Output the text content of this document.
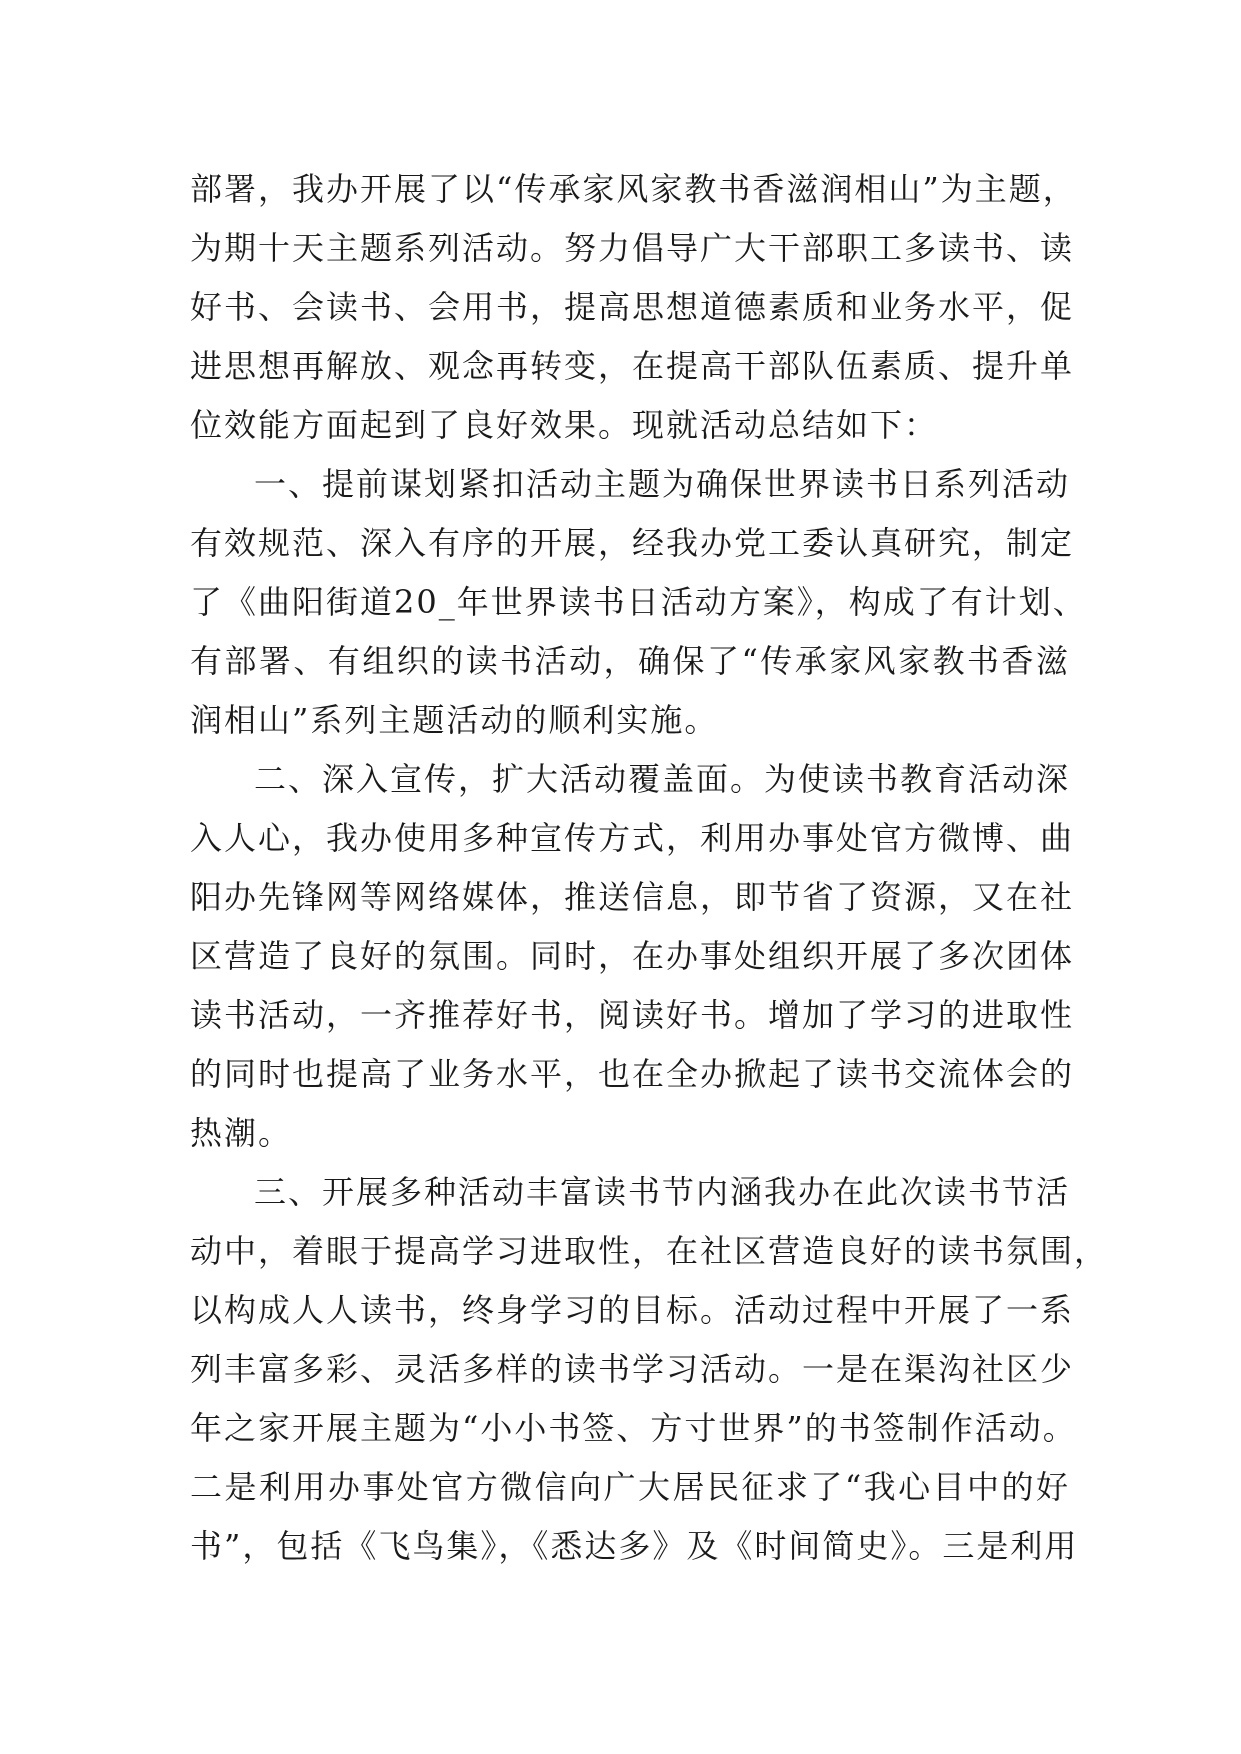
部署，我办开展了以“传承家风家教书香滋润相山”为主题，
为期十天主题系列活动。努力倡导广大干部职工多读书、读
好书、会读书、会用书，提高思想道德素质和业务水平，促
进思想再解放、观念再转变，在提高干部队伍素质、提升单
位效能方面起到了良好效果。现就活动总结如下：
一、提前谋划紧扣活动主题为确保世界读书日系列活动
有效规范、深入有序的开展，经我办党工委认真研究，制定
了《曲阳街道20_年世界读书日活动方案》，构成了有计划、
有部署、有组织的读书活动，确保了“传承家风家教书香滋
润相山”系列主题活动的顺利实施。
二、深入宣传，扩大活动覆盖面。为使读书教育活动深
入人心，我办使用多种宣传方式，利用办事处官方微博、曲
阳办先锋网等网络媒体，推送信息，即节省了资源，又在社
区营造了良好的氛围。同时，在办事处组织开展了多次团体
读书活动，一齐推荐好书，阅读好书。增加了学习的进取性
的同时也提高了业务水平，也在全办掀起了读书交流体会的
热潮。
三、开展多种活动丰富读书节内涵我办在此次读书节活
动中，着眼于提高学习进取性，在社区营造良好的读书氛围，
以构成人人读书，终身学习的目标。活动过程中开展了一系
列丰富多彩、灵活多样的读书学习活动。一是在渠沟社区少
年之家开展主题为“小小书签、方寸世界”的书签制作活动。
二是利用办事处官方微信向广大居民征求了“我心目中的好
书”，包括《飞鸟集》，《悉达多》及《时间简史》。三是利用
